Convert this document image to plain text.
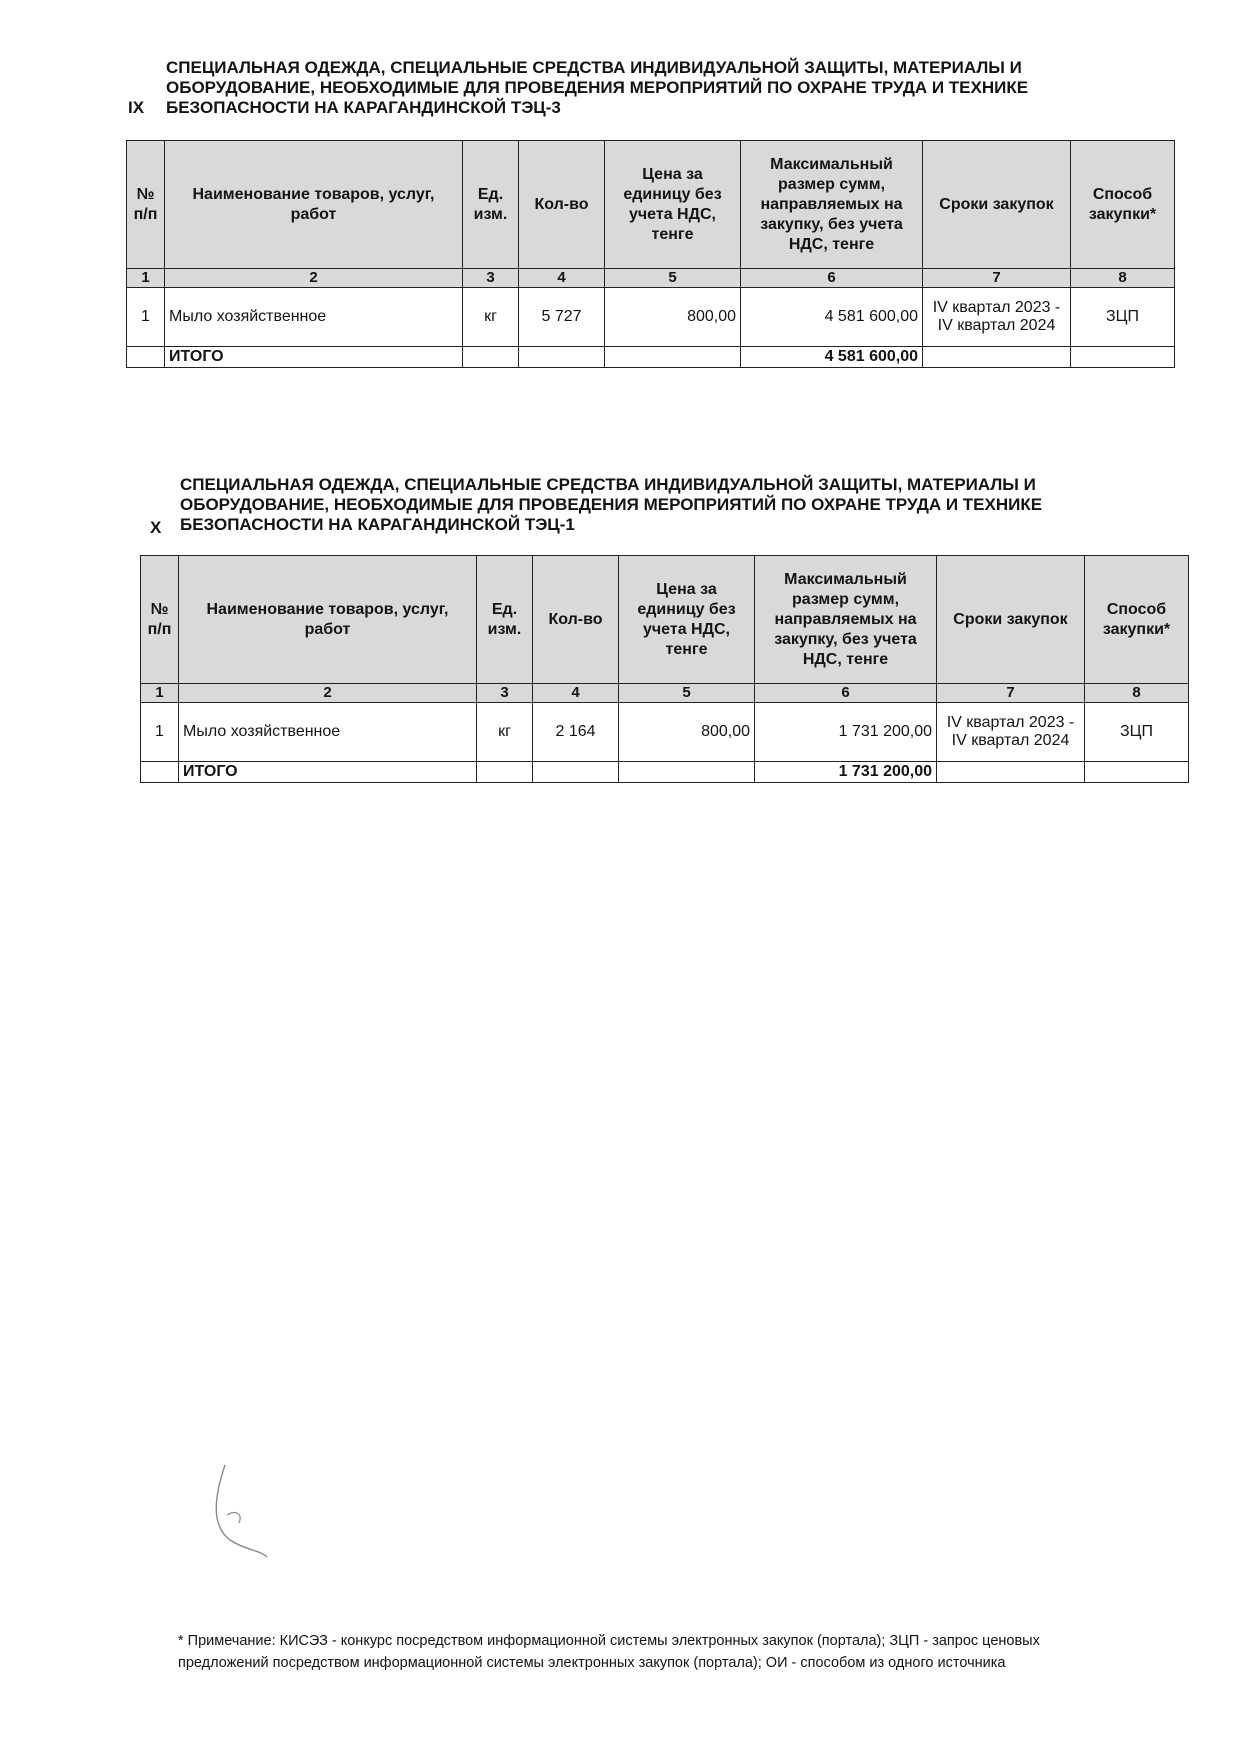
IX
СПЕЦИАЛЬНАЯ ОДЕЖДА, СПЕЦИАЛЬНЫЕ СРЕДСТВА ИНДИВИДУАЛЬНОЙ ЗАЩИТЫ, МАТЕРИАЛЫ И
ОБОРУДОВАНИЕ, НЕОБХОДИМЫЕ ДЛЯ ПРОВЕДЕНИЯ МЕРОПРИЯТИЙ ПО ОХРАНЕ ТРУДА И ТЕХНИКЕ
БЕЗОПАСНОСТИ НА КАРАГАНДИНСКОЙ ТЭЦ-3
№ п/п	Наименование товаров, услуг, работ	Ед. изм.	Кол-во	Цена за единицу без учета НДС, тенге	Максимальный размер сумм, направляемых на закупку, без учета НДС, тенге	Сроки закупок	Способ закупки*
1	2	3	4	5	6	7	8
1	Мыло хозяйственное	кг	5 727	800,00	4 581 600,00	IV квартал 2023 - IV квартал 2024	ЗЦП
	ИТОГО				4 581 600,00		
X
СПЕЦИАЛЬНАЯ ОДЕЖДА, СПЕЦИАЛЬНЫЕ СРЕДСТВА ИНДИВИДУАЛЬНОЙ ЗАЩИТЫ, МАТЕРИАЛЫ И
ОБОРУДОВАНИЕ, НЕОБХОДИМЫЕ ДЛЯ ПРОВЕДЕНИЯ МЕРОПРИЯТИЙ ПО ОХРАНЕ ТРУДА И ТЕХНИКЕ
БЕЗОПАСНОСТИ НА КАРАГАНДИНСКОЙ ТЭЦ-1
№ п/п	Наименование товаров, услуг, работ	Ед. изм.	Кол-во	Цена за единицу без учета НДС, тенге	Максимальный размер сумм, направляемых на закупку, без учета НДС, тенге	Сроки закупок	Способ закупки*
1	2	3	4	5	6	7	8
1	Мыло хозяйственное	кг	2 164	800,00	1 731 200,00	IV квартал 2023 - IV квартал 2024	ЗЦП
	ИТОГО				1 731 200,00		
* Примечание: КИСЭЗ - конкурс посредством информационной системы электронных закупок (портала); ЗЦП - запрос ценовых
предложений посредством информационной системы электронных закупок (портала); ОИ - способом из одного источника
